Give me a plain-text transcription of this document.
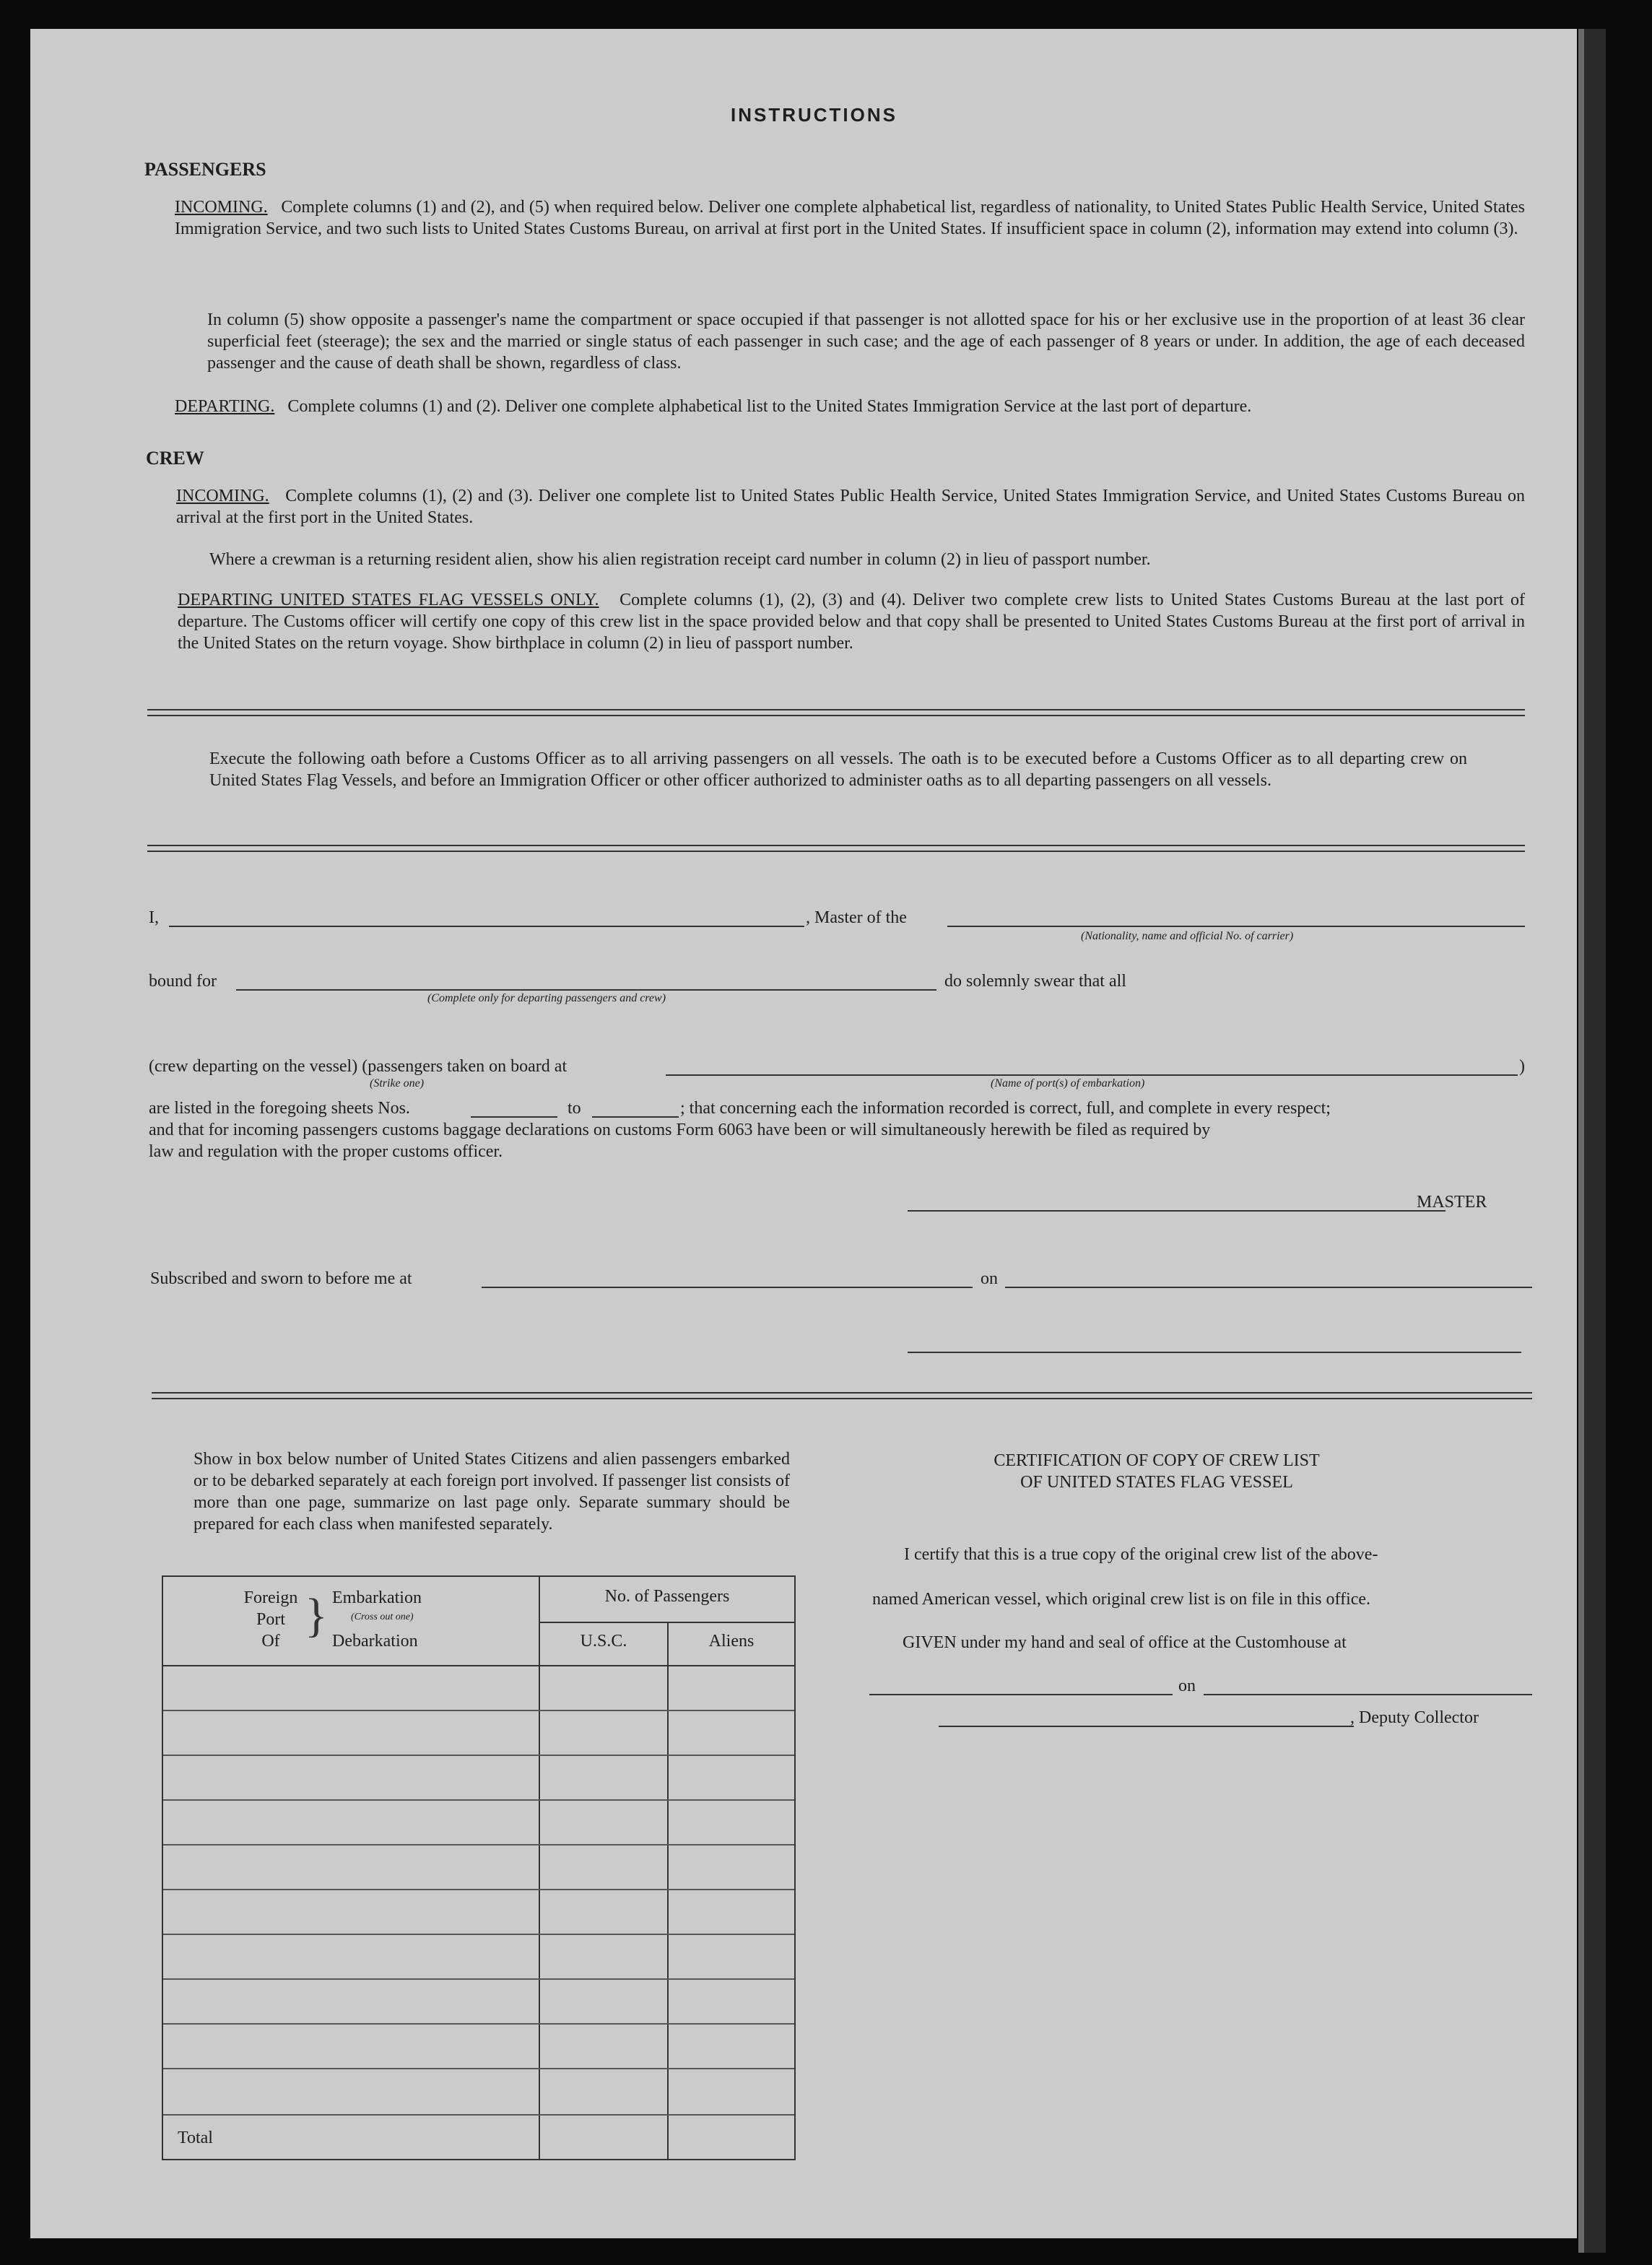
INSTRUCTIONS
PASSENGERS
INCOMING. Complete columns (1) and (2), and (5) when required below. Deliver one complete alphabetical list, regardless of nationality, to United States Public Health Service, United States Immigration Service, and two such lists to United States Customs Bureau, on arrival at first port in the United States. If insufficient space in column (2), information may extend into column (3).
In column (5) show opposite a passenger's name the compartment or space occupied if that passenger is not allotted space for his or her exclusive use in the proportion of at least 36 clear superficial feet (steerage); the sex and the married or single status of each passenger in such case; and the age of each passenger of 8 years or under. In addition, the age of each deceased passenger and the cause of death shall be shown, regardless of class.
DEPARTING. Complete columns (1) and (2). Deliver one complete alphabetical list to the United States Immigration Service at the last port of departure.
CREW
INCOMING. Complete columns (1), (2) and (3). Deliver one complete list to United States Public Health Service, United States Immigration Service, and United States Customs Bureau on arrival at the first port in the United States.
Where a crewman is a returning resident alien, show his alien registration receipt card number in column (2) in lieu of passport number.
DEPARTING UNITED STATES FLAG VESSELS ONLY. Complete columns (1), (2), (3) and (4). Deliver two complete crew lists to United States Customs Bureau at the last port of departure. The Customs officer will certify one copy of this crew list in the space provided below and that copy shall be presented to United States Customs Bureau at the first port of arrival in the United States on the return voyage. Show birthplace in column (2) in lieu of passport number.
Execute the following oath before a Customs Officer as to all arriving passengers on all vessels. The oath is to be executed before a Customs Officer as to all departing crew on United States Flag Vessels, and before an Immigration Officer or other officer authorized to administer oaths as to all departing passengers on all vessels.
I,	, Master of the
(Nationality, name and official No. of carrier)
bound for
(Complete only for departing passengers and crew)
do solemnly swear that all
(crew departing on the vessel) (passengers taken on board at	)
(Strike one)	(Name of port(s) of embarkation)
are listed in the foregoing sheets Nos.	to	; that concerning each the information recorded is correct, full, and complete in every respect;
and that for incoming passengers customs baggage declarations on customs Form 6063 have been or will simultaneously herewith be filed as required by
law and regulation with the proper customs officer.
MASTER
Subscribed and sworn to before me at	on
Show in box below number of United States Citizens and alien passengers embarked or to be debarked separately at each foreign port involved. If passenger list consists of more than one page, summarize on last page only. Separate summary should be prepared for each class when manifested separately.
Foreign
Port
Of } Embarkation
(Cross out one)
Debarkation
No. of Passengers
U.S.C.	Aliens
Total
CERTIFICATION OF COPY OF CREW LIST
OF UNITED STATES FLAG VESSEL
I certify that this is a true copy of the original crew list of the above-
named American vessel, which original crew list is on file in this office.
GIVEN under my hand and seal of office at the Customhouse at
on
, Deputy Collector
